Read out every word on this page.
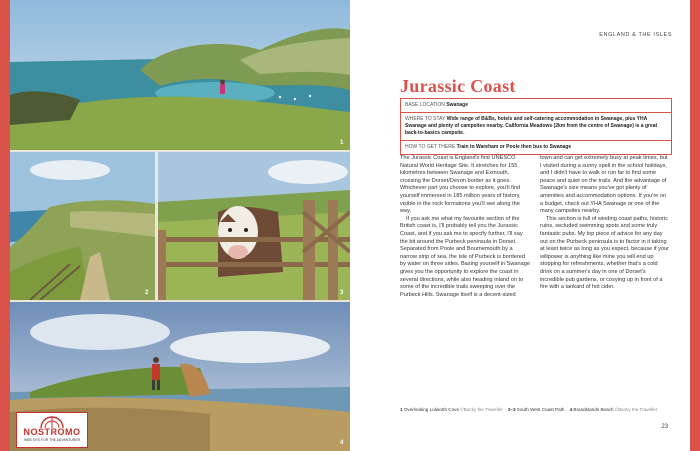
1
2	3
4
NOSTROMO
WEB SITE FOR THE ADVENTURER
ENGLAND & THE ISLES
Jurassic Coast
BASE LOCATION Swanage
WHERE TO STAY Wide range of B&Bs, hotels and self-catering accommodation in Swanage, plus YHA Swanage and plenty of campsites nearby. California Meadows (2km from the centre of Swanage) is a great back-to-basics campsite.
HOW TO GET THERE Train to Wareham or Poole then bus to Swanage

The Jurassic Coast is England's first UNESCO Natural World Heritage Site. It stretches for 155 kilometres between Swanage and Exmouth, crossing the Dorset/Devon border as it goes. Whichever part you choose to explore, you'll find yourself immersed in 185 million years of history, visible in the rock formations you'll see along the way.

If you ask me what my favourite section of the British coast is, I'll probably tell you the Jurassic Coast, and if you ask me to specify further, I'll say the bit around the Purbeck peninsula in Dorset. Separated from Poole and Bournemouth by a narrow strip of sea, the Isle of Purbeck is bordered by water on three sides. Basing yourself in Swanage gives you the opportunity to explore the coast in several directions, while also heading inland on to some of the incredible trails sweeping over the Purbeck Hills. Swanage itself is a decent-sized

town and can get extremely busy at peak times, but I visited during a sunny spell in the school holidays, and I didn't have to walk or run far to find some peace and quiet on the trails. And the advantage of Swanage's size means you've got plenty of amenities and accommodation options. If you're on a budget, check out YHA Swanage or one of the many campsites nearby.

This section is full of winding coast paths, historic ruins, secluded swimming spots and some truly fantastic pubs. My top piece of advice for any day out on the Purbeck peninsula is to factor in it taking at least twice as long as you expect, because if your willpower is anything like mine you will end up stopping for refreshments, whether that's a cold drink on a summer's day in one of Dorset's incredible pub gardens, or cosying up in front of a fire with a tankard of hot cider.

1 Overlooking Lulworth Cove ©Becky the Traveller 2–3 South West Coast Path 4 Brandstands Beach ©Becky the Traveller
23
